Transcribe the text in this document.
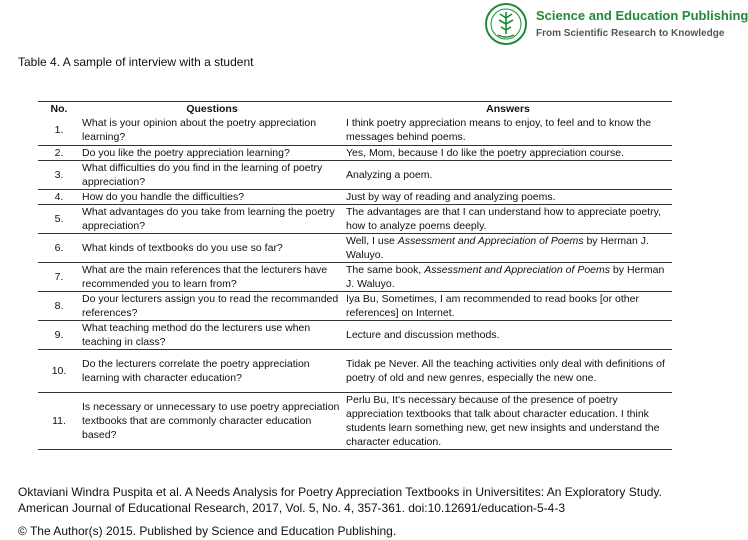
Science and Education Publishing
From Scientific Research to Knowledge
Table 4. A sample of interview with a student
No.	Questions	Answers
1.	What is your opinion about the poetry appreciation learning?	I think poetry appreciation means to enjoy, to feel and to know the messages behind poems.
2.	Do you like the poetry appreciation learning?	Yes, Mom, because I do like the poetry appreciation course.
3.	What difficulties do you find in the learning of poetry appreciation?	Analyzing a poem.
4.	How do you handle the difficulties?	Just by way of reading and analyzing poems.
5.	What advantages do you take from learning the poetry appreciation?	The advantages are that I can understand how to appreciate poetry, how to analyze poems deeply.
6.	What kinds of textbooks do you use so far?	Well, I use Assessment and Appreciation of Poems by Herman J. Waluyo.
7.	What are the main references that the lecturers have recommended you to learn from?	The same book, Assessment and Appreciation of Poems by Herman J. Waluyo.
8.	Do your lecturers assign you to read the recommanded references?	Iya Bu, Sometimes, I am recommended to read books [or other references] on Internet.
9.	What teaching method do the lecturers use when teaching in class?	Lecture and discussion methods.
10.	Do the lecturers correlate the poetry appreciation learning with character education?	Tidak pe Never. All the teaching activities only deal with definitions of poetry of old and new genres, especially the new one.
11.	Is necessary or unnecessary to use poetry appreciation textbooks that are commonly character education based?	Perlu Bu, It's necessary because of the presence of poetry appreciation textbooks that talk about character education. I think students learn something new, get new insights and understand the character education.
Oktaviani Windra Puspita et al. A Needs Analysis for Poetry Appreciation Textbooks in Universitites: An Exploratory Study.
American Journal of Educational Research, 2017, Vol. 5, No. 4, 357-361. doi:10.12691/education-5-4-3
© The Author(s) 2015. Published by Science and Education Publishing.
